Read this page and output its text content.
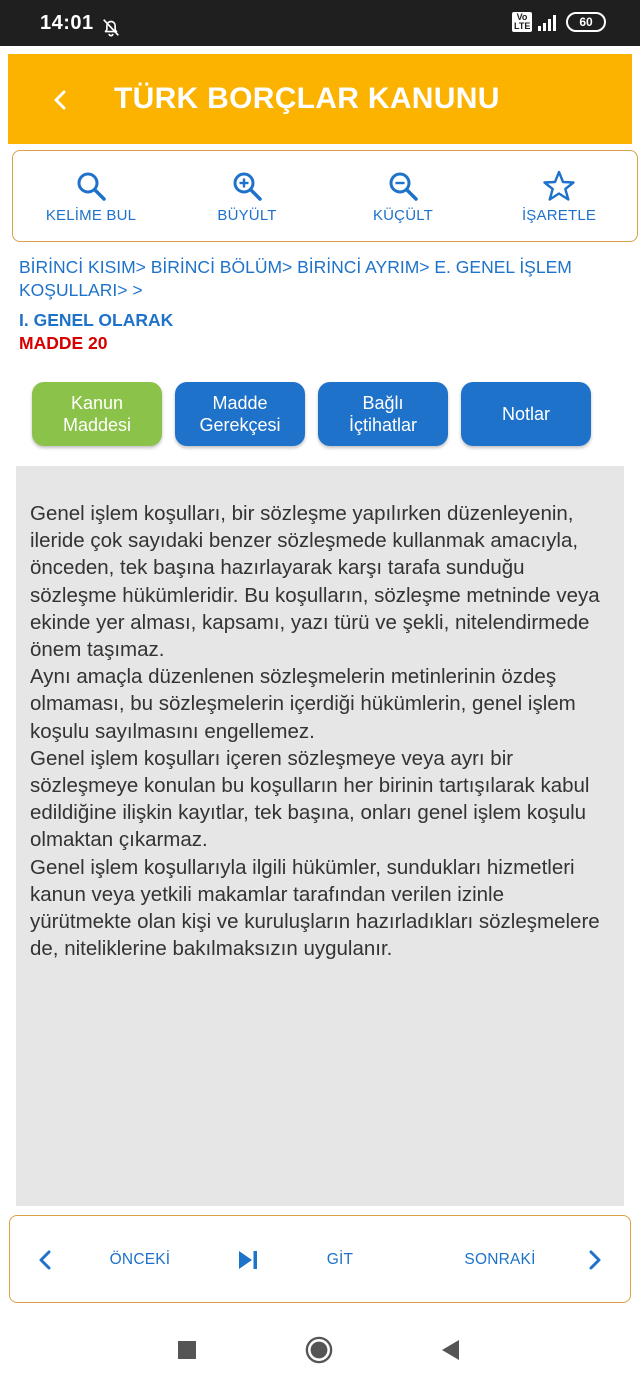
14:01	Vo LTE	60
TÜRK BORÇLAR KANUNU
KELİME BUL	BÜYÜLT	KÜÇÜLT	İŞARETLE
BİRİNCİ KISIM> BİRİNCİ BÖLÜM> BİRİNCİ AYRIM> E. GENEL İŞLEM KOŞULLARI> >
I. GENEL OLARAK
MADDE 20
Kanun
Maddesi
Madde
Gerekçesi
Bağlı
İçtihatlar
Notlar

Genel işlem koşulları, bir sözleşme yapılırken düzenleyenin, ileride çok sayıdaki benzer sözleşmede kullanmak amacıyla, önceden, tek başına hazırlayarak karşı tarafa sunduğu sözleşme hükümleridir. Bu koşulların, sözleşme metninde veya ekinde yer alması, kapsamı, yazı türü ve şekli, nitelendirmede önem taşımaz.

Aynı amaçla düzenlenen sözleşmelerin metinlerinin özdeş olmaması, bu sözleşmelerin içerdiği hükümlerin, genel işlem koşulu sayılmasını engellemez.

Genel işlem koşulları içeren sözleşmeye veya ayrı bir sözleşmeye konulan bu koşulların her birinin tartışılarak kabul edildiğine ilişkin kayıtlar, tek başına, onları genel işlem koşulu olmaktan çıkarmaz.

Genel işlem koşullarıyla ilgili hükümler, sundukları hizmetleri kanun veya yetkili makamlar tarafından verilen izinle yürütmekte olan kişi ve kuruluşların hazırladıkları sözleşmelere de, niteliklerine bakılmaksızın uygulanır.

ÖNCEKİ	GİT	SONRAKİ
